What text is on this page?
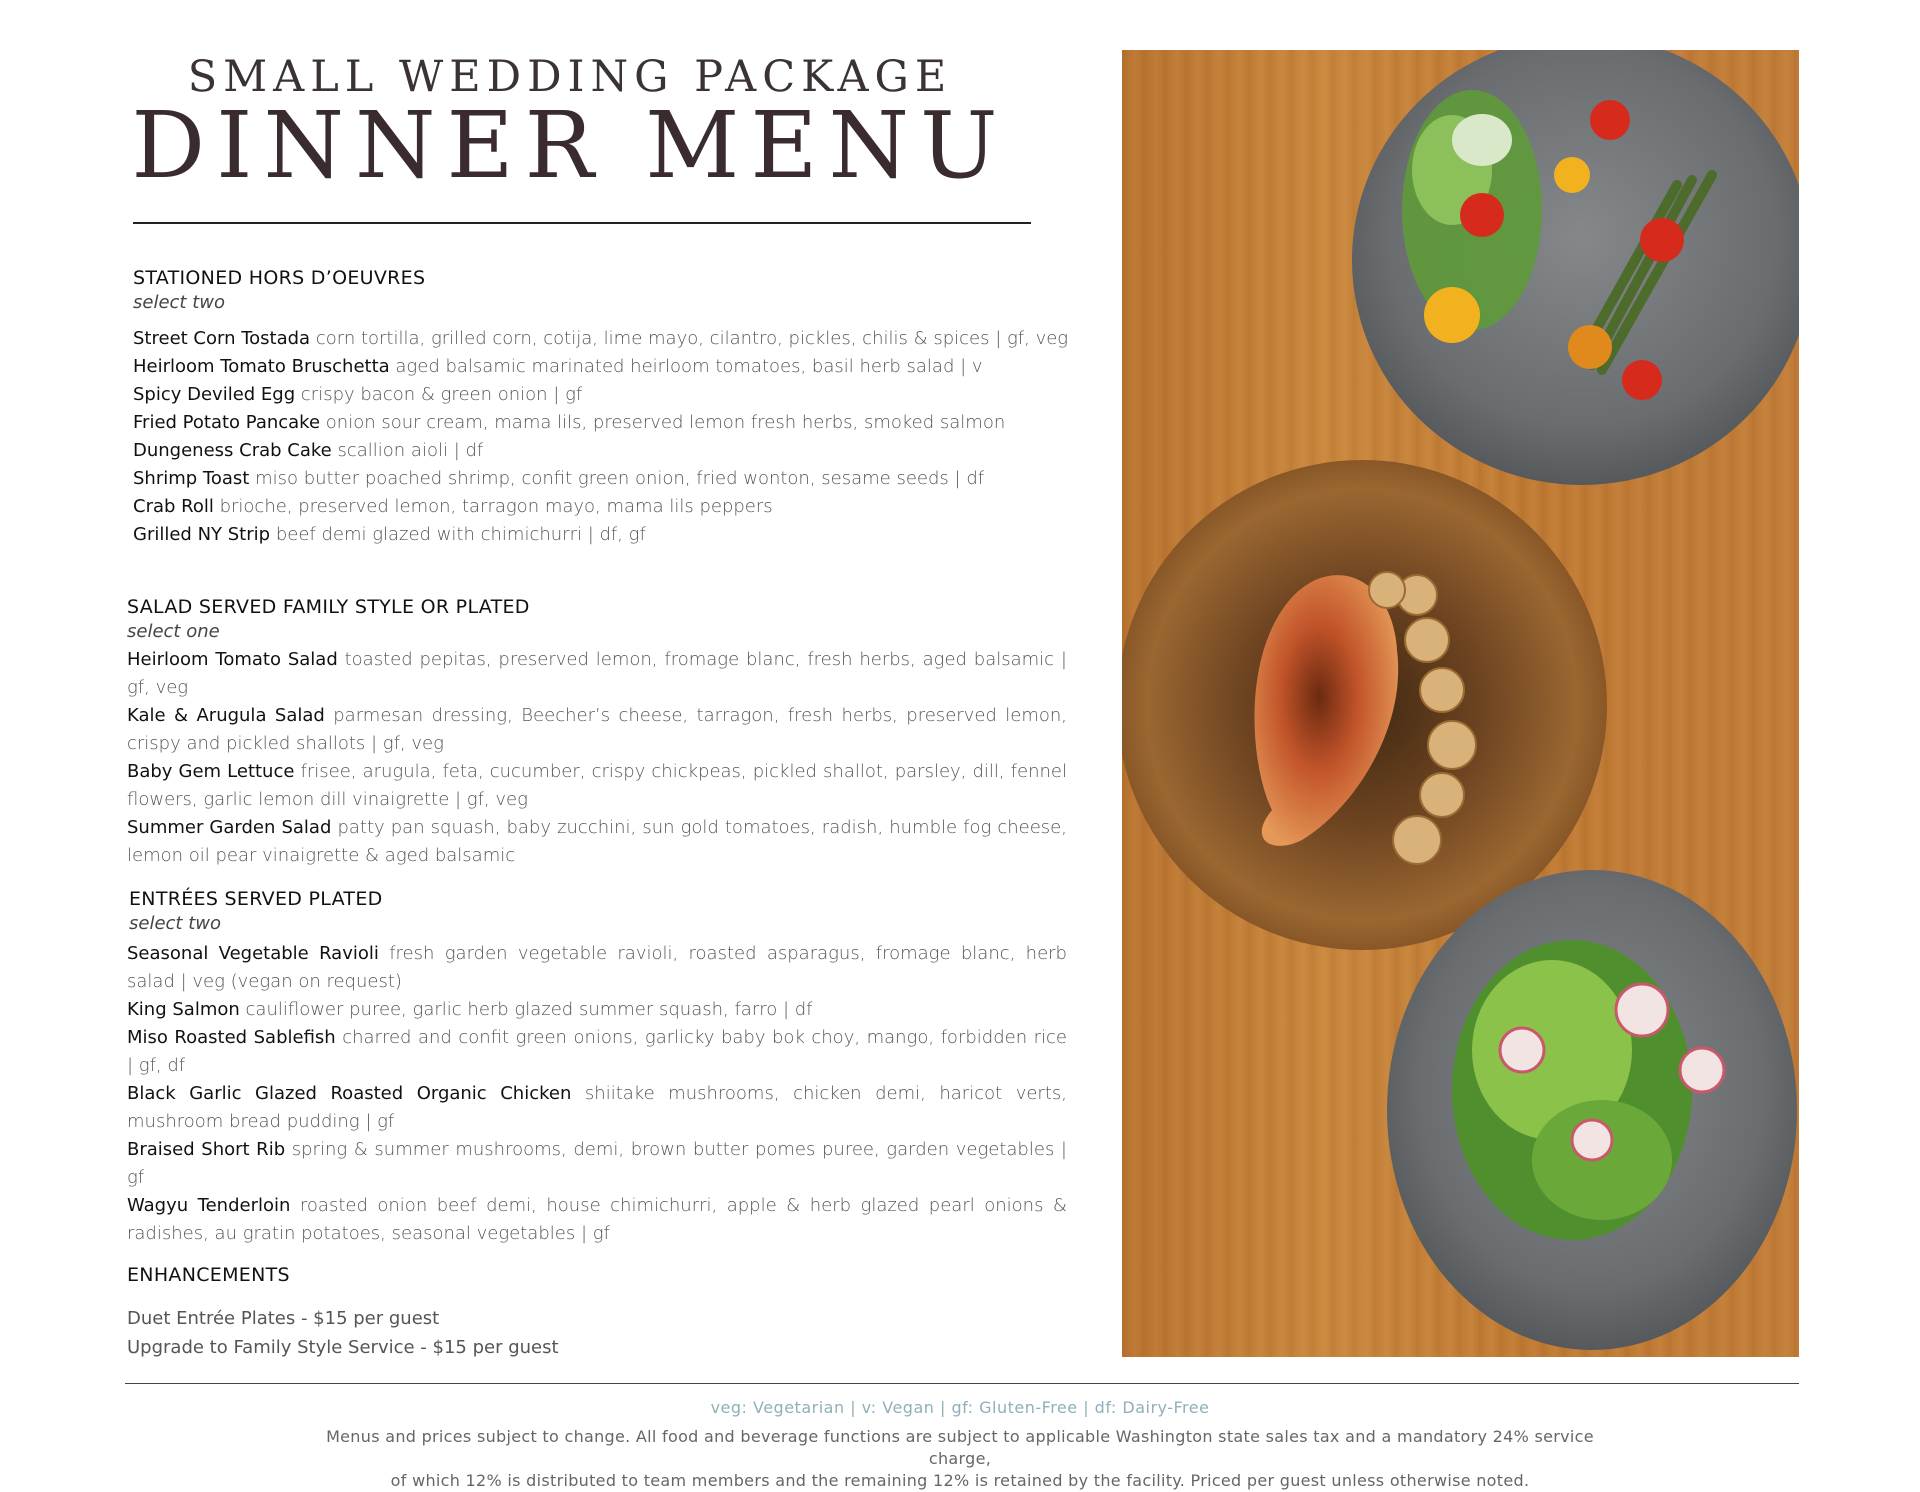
SMALL WEDDING PACKAGE
DINNER MENU
STATIONED HORS D’OEUVRES
select two
Street Corn Tostada corn tortilla, grilled corn, cotija, lime mayo, cilantro, pickles, chilis & spices | gf, veg
Heirloom Tomato Bruschetta aged balsamic marinated heirloom tomatoes, basil herb salad | v
Spicy Deviled Egg crispy bacon & green onion | gf
Fried Potato Pancake onion sour cream, mama lils, preserved lemon fresh herbs, smoked salmon
Dungeness Crab Cake scallion aioli | df
Shrimp Toast miso butter poached shrimp, confit green onion, fried wonton, sesame seeds | df
Crab Roll brioche, preserved lemon, tarragon mayo, mama lils peppers
Grilled NY Strip beef demi glazed with chimichurri | df, gf
SALAD SERVED FAMILY STYLE OR PLATED
select one
Heirloom Tomato Salad toasted pepitas, preserved lemon, fromage blanc, fresh herbs, aged balsamic | gf, veg
Kale & Arugula Salad parmesan dressing, Beecher’s cheese, tarragon, fresh herbs, preserved lemon, crispy and pickled shallots | gf, veg
Baby Gem Lettuce frisee, arugula, feta, cucumber, crispy chickpeas, pickled shallot, parsley, dill, fennel flowers, garlic lemon dill vinaigrette | gf, veg
Summer Garden Salad patty pan squash, baby zucchini, sun gold tomatoes, radish, humble fog cheese, lemon oil pear vinaigrette & aged balsamic
ENTRÉES SERVED PLATED
select two
Seasonal Vegetable Ravioli fresh garden vegetable ravioli, roasted asparagus, fromage blanc, herb salad | veg (vegan on request)
King Salmon cauliflower puree, garlic herb glazed summer squash, farro | df
Miso Roasted Sablefish charred and confit green onions, garlicky baby bok choy, mango, forbidden rice | gf, df
Black Garlic Glazed Roasted Organic Chicken shiitake mushrooms, chicken demi, haricot verts, mushroom bread pudding | gf
Braised Short Rib spring & summer mushrooms, demi, brown butter pomes puree, garden vegetables | gf
Wagyu Tenderloin roasted onion beef demi, house chimichurri, apple & herb glazed pearl onions & radishes, au gratin potatoes, seasonal vegetables | gf
ENHANCEMENTS
Duet Entrée Plates - $15 per guest
Upgrade to Family Style Service - $15 per guest
veg: Vegetarian | v: Vegan | gf: Gluten-Free | df: Dairy-Free
Menus and prices subject to change. All food and beverage functions are subject to applicable Washington state sales tax and a mandatory 24% service charge,
of which 12% is distributed to team members and the remaining 12% is retained by the facility. Priced per guest unless otherwise noted.
